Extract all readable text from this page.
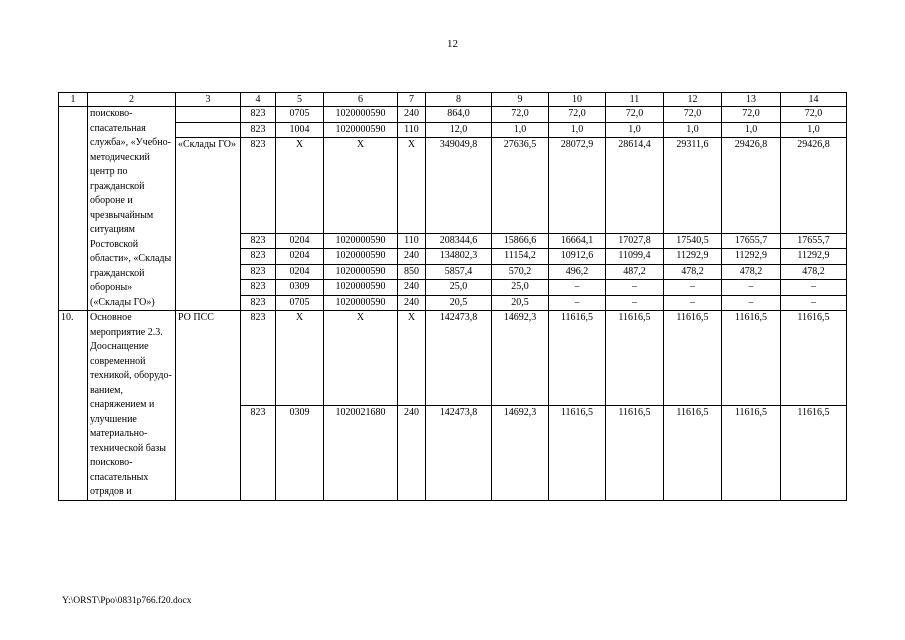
12
1	2	3	4	5	6	7	8	9	10	11	12	13	14
	поисково-спасательная служба», «Учебно-методический центр по гражданской обороне и чрезвычайным ситуациям Ростовской области», «Склады гражданской обороны» («Склады ГО»)		823	0705	1020000590	240	864,0	72,0	72,0	72,0	72,0	72,0	72,0
			823	1004	1020000590	110	12,0	1,0	1,0	1,0	1,0	1,0	1,0
		«Склады ГО»	823	Х	Х	Х	349049,8	27636,5	28072,9	28614,4	29311,6	29426,8	29426,8
			823	0204	1020000590	110	208344,6	15866,6	16664,1	17027,8	17540,5	17655,7	17655,7
			823	0204	1020000590	240	134802,3	11154,2	10912,6	11099,4	11292,9	11292,9	11292,9
			823	0204	1020000590	850	5857,4	570,2	496,2	487,2	478,2	478,2	478,2
			823	0309	1020000590	240	25,0	25,0	–	–	–	–	–
			823	0705	1020000590	240	20,5	20,5	–	–	–	–	–
10.	Основное мероприятие 2.3. Дооснащение современной техникой, оборудо-ванием, снаряжением и улучшение материально-технической базы поисково-спасательных отрядов и	РО ПСС	823	Х	Х	Х	142473,8	14692,3	11616,5	11616,5	11616,5	11616,5	11616,5
			823	0309	1020021680	240	142473,8	14692,3	11616,5	11616,5	11616,5	11616,5	11616,5
Y:\ORST\Ppo\0831p766.f20.docx
